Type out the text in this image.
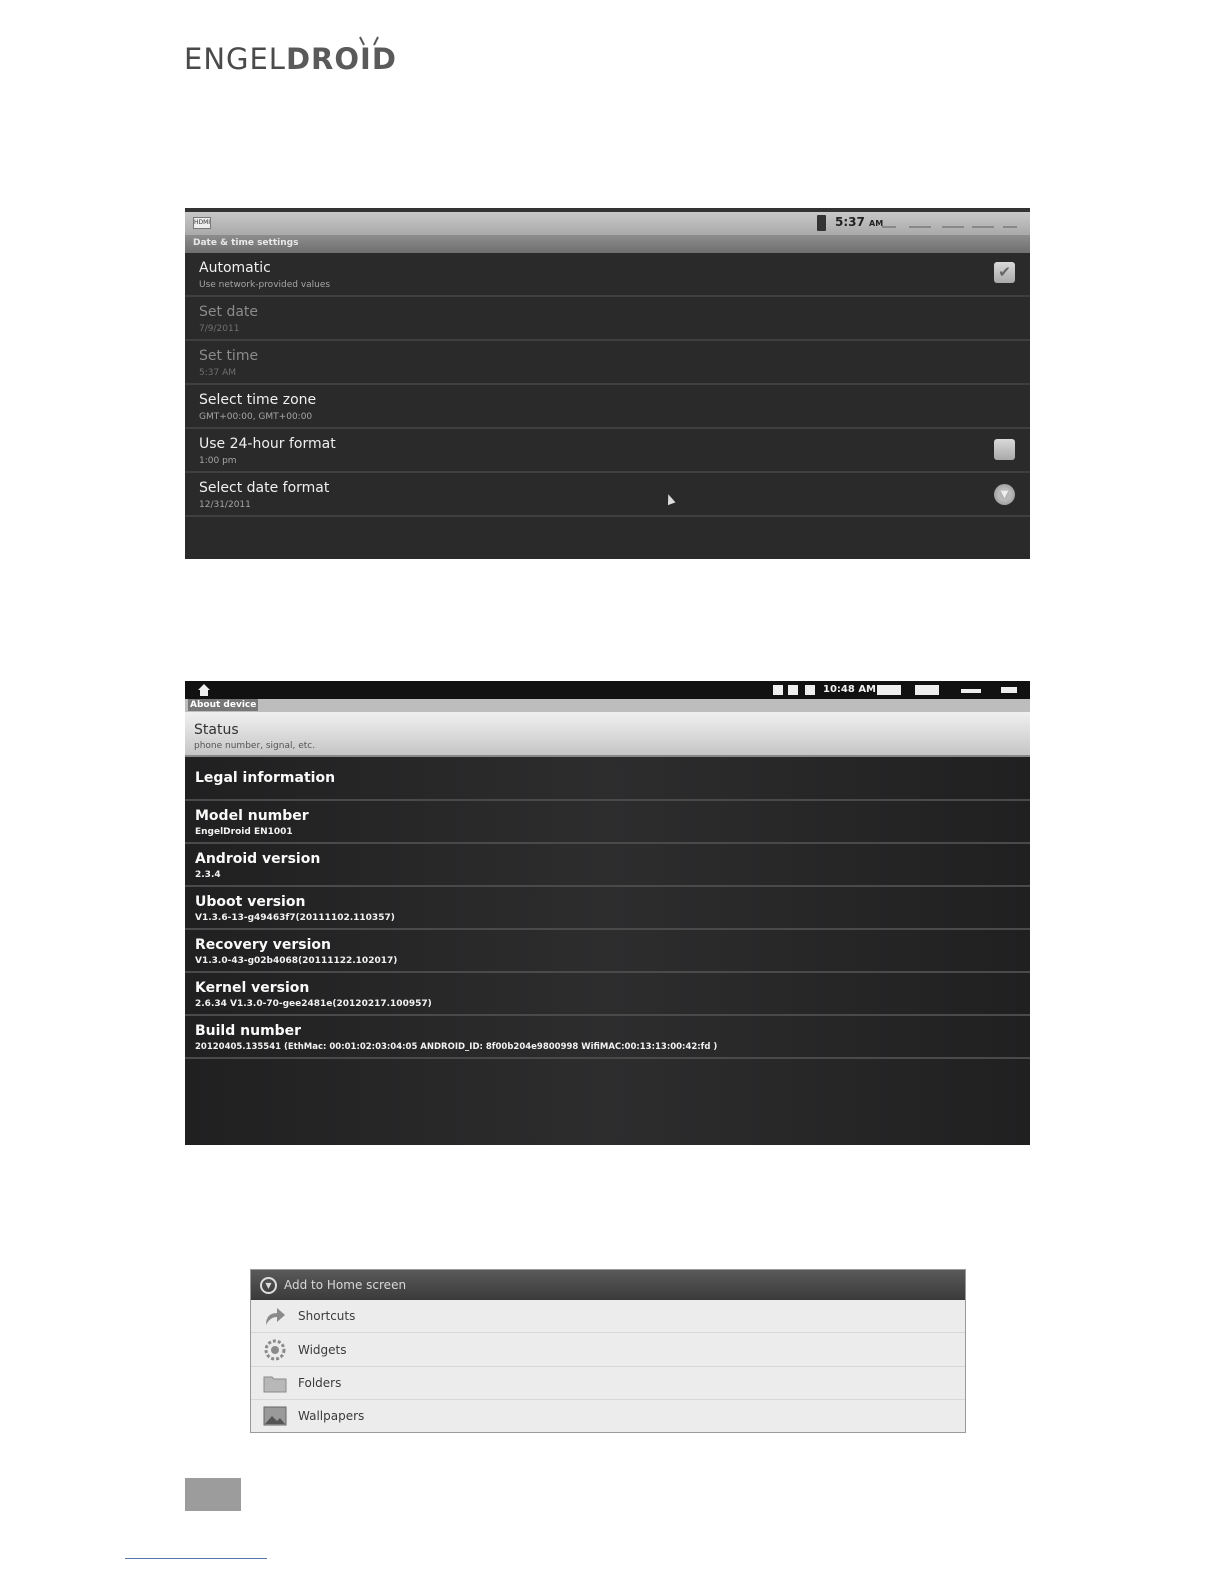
ENGEL DROID
HDMI	5:37 AM
Date & time settings
Automatic
Use network-provided values
✔
Set date
7/9/2011
Set time
5:37 AM
Select time zone
GMT+00:00, GMT+00:00
Use 24-hour format
1:00 pm
Select date format
12/31/2011
▼
10:48 AM
About device
Status
phone number, signal, etc.
Legal information
Model number
EngelDroid EN1001
Android version
2.3.4
Uboot version
V1.3.6-13-g49463f7(20111102.110357)
Recovery version
V1.3.0-43-g02b4068(20111122.102017)
Kernel version
2.6.34 V1.3.0-70-gee2481e(20120217.100957)
Build number
20120405.135541 (EthMac: 00:01:02:03:04:05 ANDROID_ID: 8f00b204e9800998 WifiMAC:00:13:13:00:42:fd )
▼	Add to Home screen
Shortcuts
Widgets
Folders
Wallpapers
